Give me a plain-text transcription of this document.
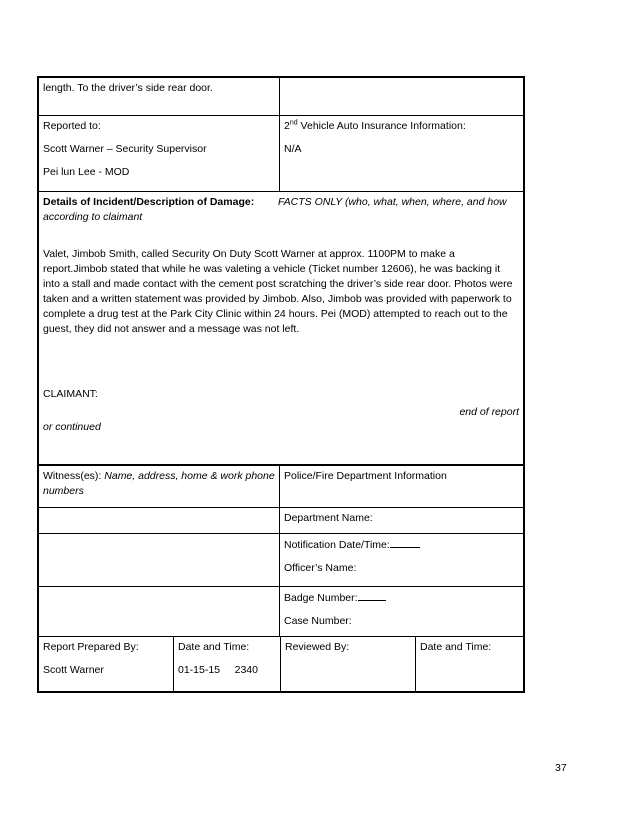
length. To the driver’s side rear door.
Reported to:
Scott Warner – Security Supervisor
Pei lun Lee - MOD
2nd Vehicle Auto Insurance Information:
N/A
Details of Incident/Description of Damage: FACTS ONLY (who, what, when, where, and how
according to claimant

Valet, Jimbob Smith, called Security On Duty Scott Warner at approx. 1100PM to make a report.Jimbob stated that while he was valeting a vehicle (Ticket number 12606), he was backing it into a stall and made contact with the cement post scratching the driver’s side rear door. Photos were taken and a written statement was provided by Jimbob. Also, Jimbob was provided with paperwork to complete a drug test at the Park City Clinic within 24 hours. Pei (MOD) attempted to reach out to the guest, they did not answer and a message was not left.

CLAIMANT:
end of report
or continued
Witness(es): Name, address, home & work phone numbers
Police/Fire Department Information
Department Name:
Notification Date/Time:
Officer’s Name:
Badge Number:
Case Number:
Report Prepared By:
Scott Warner
Date and Time:
01-15-15     2340
Reviewed By:	Date and Time:
37
